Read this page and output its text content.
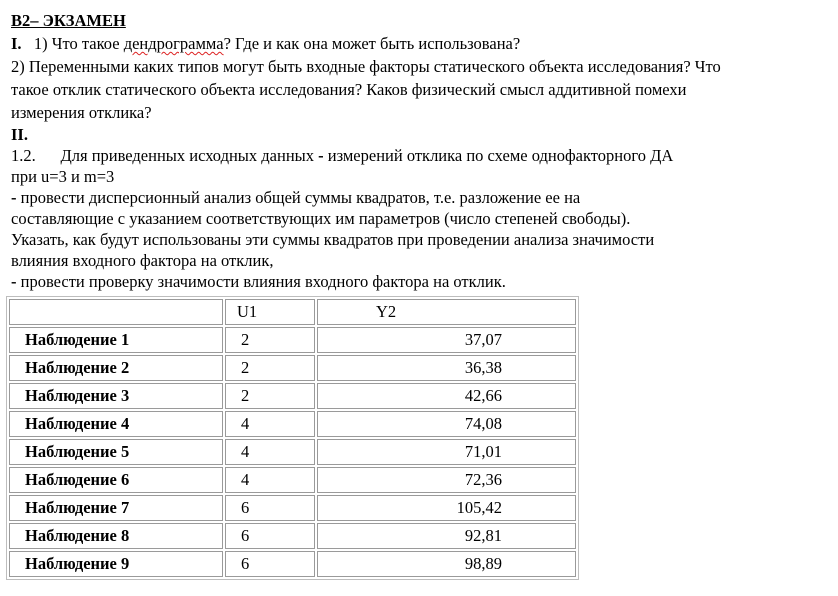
B2– ЭКЗАМЕН
I. 1) Что такое дендрограмма? Где и как она может быть использована?
2) Переменными каких типов могут быть входные факторы статического объекта исследования? Что
такое отклик статического объекта исследования? Каков физический смысл аддитивной помехи
измерения отклика?
II.
1.2. Для приведенных исходных данных - измерений отклика по схеме однофакторного ДА
при u=3 и m=3
- провести дисперсионный анализ общей суммы квадратов, т.е. разложение ее на
составляющие с указанием соответствующих им параметров (число степеней свободы).
Указать, как будут использованы эти суммы квадратов при проведении анализа значимости
влияния входного фактора на отклик,
- провести проверку значимости влияния входного фактора на отклик.
	U1	Y2
Наблюдение 1	2	37,07
Наблюдение 2	2	36,38
Наблюдение 3	2	42,66
Наблюдение 4	4	74,08
Наблюдение 5	4	71,01
Наблюдение 6	4	72,36
Наблюдение 7	6	105,42
Наблюдение 8	6	92,81
Наблюдение 9	6	98,89
